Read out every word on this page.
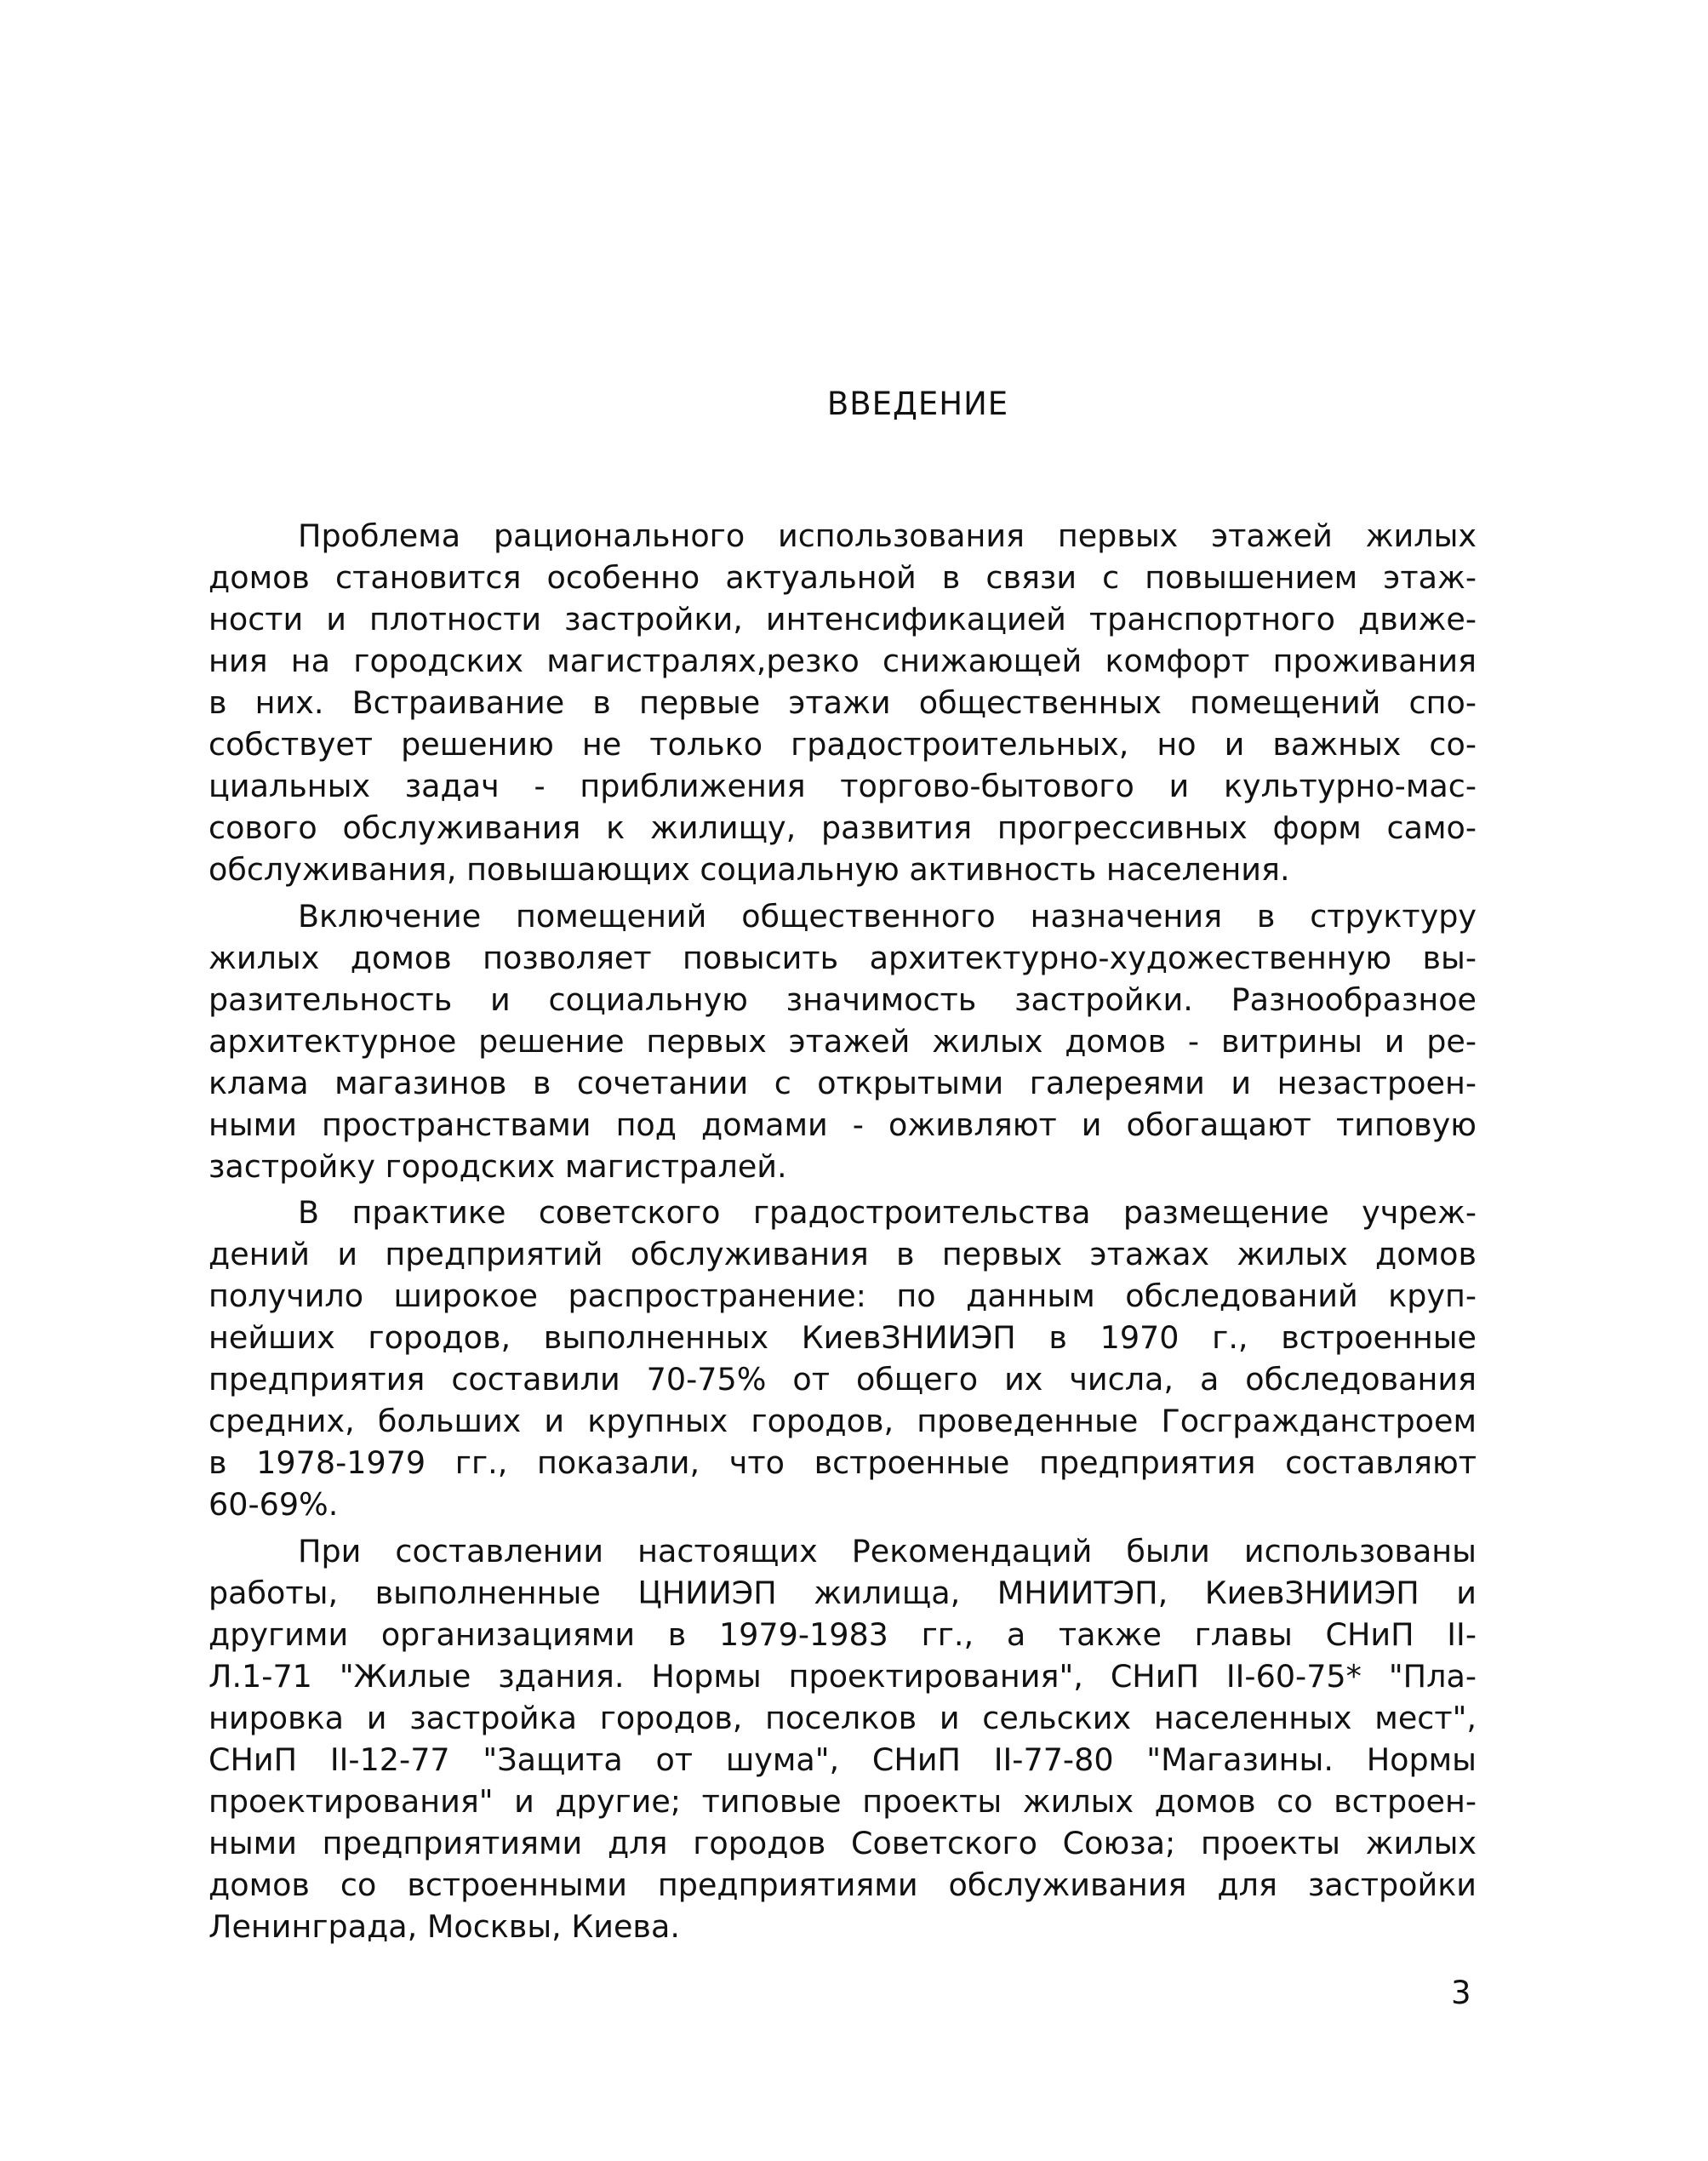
ВВЕДЕНИЕ
Проблема рационального использования первых этажей жилых
домов становится особенно актуальной в связи с повышением этаж-
ности и плотности застройки, интенсификацией транспортного движе-
ния на городских магистралях,резко снижающей комфорт проживания
в них. Встраивание в первые этажи общественных помещений спо-
собствует решению не только градостроительных, но и важных со-
циальных задач - приближения торгово-бытового и культурно-мас-
сового обслуживания к жилищу, развития прогрессивных форм само-
обслуживания, повышающих социальную активность населения.
Включение помещений общественного назначения в структуру
жилых домов позволяет повысить архитектурно-художественную вы-
разительность и социальную значимость застройки. Разнообразное
архитектурное решение первых этажей жилых домов - витрины и ре-
клама магазинов в сочетании с открытыми галереями и незастроен-
ными пространствами под домами - оживляют и обогащают типовую
застройку городских магистралей.
В практике советского градостроительства размещение учреж-
дений и предприятий обслуживания в первых этажах жилых домов
получило широкое распространение: по данным обследований круп-
нейших городов, выполненных КиевЗНИИЭП в 1970 г., встроенные
предприятия составили 70-75% от общего их числа, а обследования
средних, больших и крупных городов, проведенные Госгражданстроем
в 1978-1979 гг., показали, что встроенные предприятия составляют
60-69%.
При составлении настоящих Рекомендаций были использованы
работы, выполненные ЦНИИЭП жилища, МНИИТЭП, КиевЗНИИЭП и
другими организациями в 1979-1983 гг., а также главы СНиП II-
Л.1-71 "Жилые здания. Нормы проектирования", СНиП II-60-75* "Пла-
нировка и застройка городов, поселков и сельских населенных мест",
СНиП II-12-77 "Защита от шума", СНиП II-77-80 "Магазины. Нормы
проектирования" и другие; типовые проекты жилых домов со встроен-
ными предприятиями для городов Советского Союза; проекты жилых
домов со встроенными предприятиями обслуживания для застройки
Ленинграда, Москвы, Киева.
3
